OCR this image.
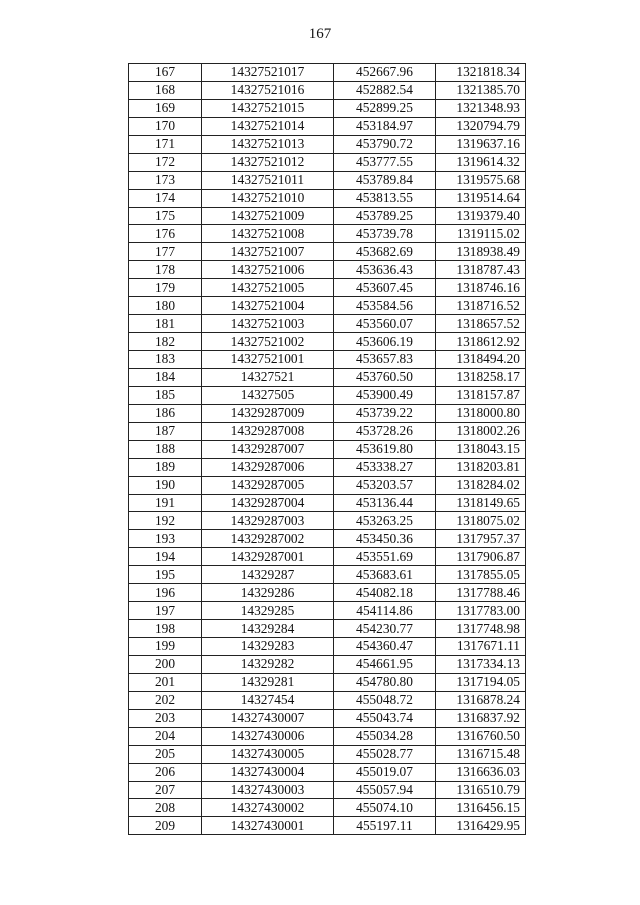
167
167	14327521017	452667.96	1321818.34
168	14327521016	452882.54	1321385.70
169	14327521015	452899.25	1321348.93
170	14327521014	453184.97	1320794.79
171	14327521013	453790.72	1319637.16
172	14327521012	453777.55	1319614.32
173	14327521011	453789.84	1319575.68
174	14327521010	453813.55	1319514.64
175	14327521009	453789.25	1319379.40
176	14327521008	453739.78	1319115.02
177	14327521007	453682.69	1318938.49
178	14327521006	453636.43	1318787.43
179	14327521005	453607.45	1318746.16
180	14327521004	453584.56	1318716.52
181	14327521003	453560.07	1318657.52
182	14327521002	453606.19	1318612.92
183	14327521001	453657.83	1318494.20
184	14327521	453760.50	1318258.17
185	14327505	453900.49	1318157.87
186	14329287009	453739.22	1318000.80
187	14329287008	453728.26	1318002.26
188	14329287007	453619.80	1318043.15
189	14329287006	453338.27	1318203.81
190	14329287005	453203.57	1318284.02
191	14329287004	453136.44	1318149.65
192	14329287003	453263.25	1318075.02
193	14329287002	453450.36	1317957.37
194	14329287001	453551.69	1317906.87
195	14329287	453683.61	1317855.05
196	14329286	454082.18	1317788.46
197	14329285	454114.86	1317783.00
198	14329284	454230.77	1317748.98
199	14329283	454360.47	1317671.11
200	14329282	454661.95	1317334.13
201	14329281	454780.80	1317194.05
202	14327454	455048.72	1316878.24
203	14327430007	455043.74	1316837.92
204	14327430006	455034.28	1316760.50
205	14327430005	455028.77	1316715.48
206	14327430004	455019.07	1316636.03
207	14327430003	455057.94	1316510.79
208	14327430002	455074.10	1316456.15
209	14327430001	455197.11	1316429.95
